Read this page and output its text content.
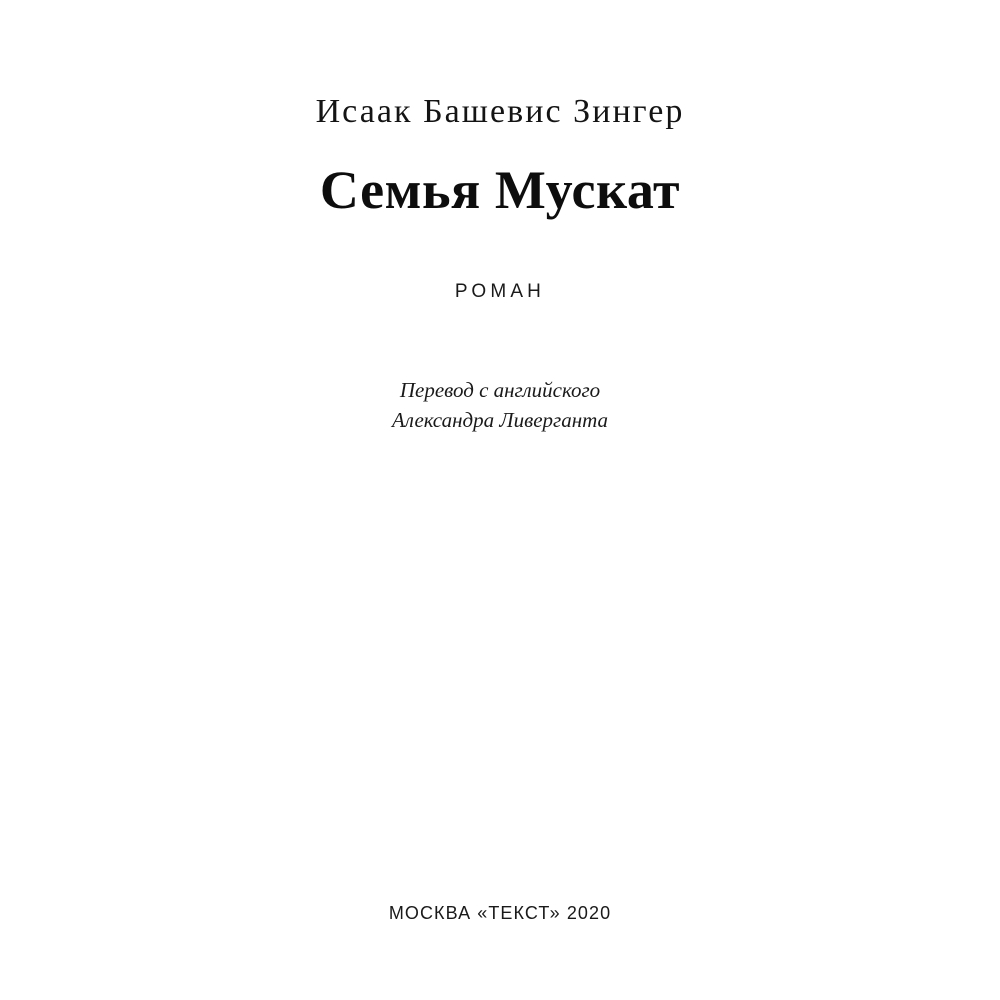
Исаак Башевис Зингер
Семья Мускат
РОМАН
Перевод с английского
Александра Ливерганта
МОСКВА «ТЕКСТ» 2020
